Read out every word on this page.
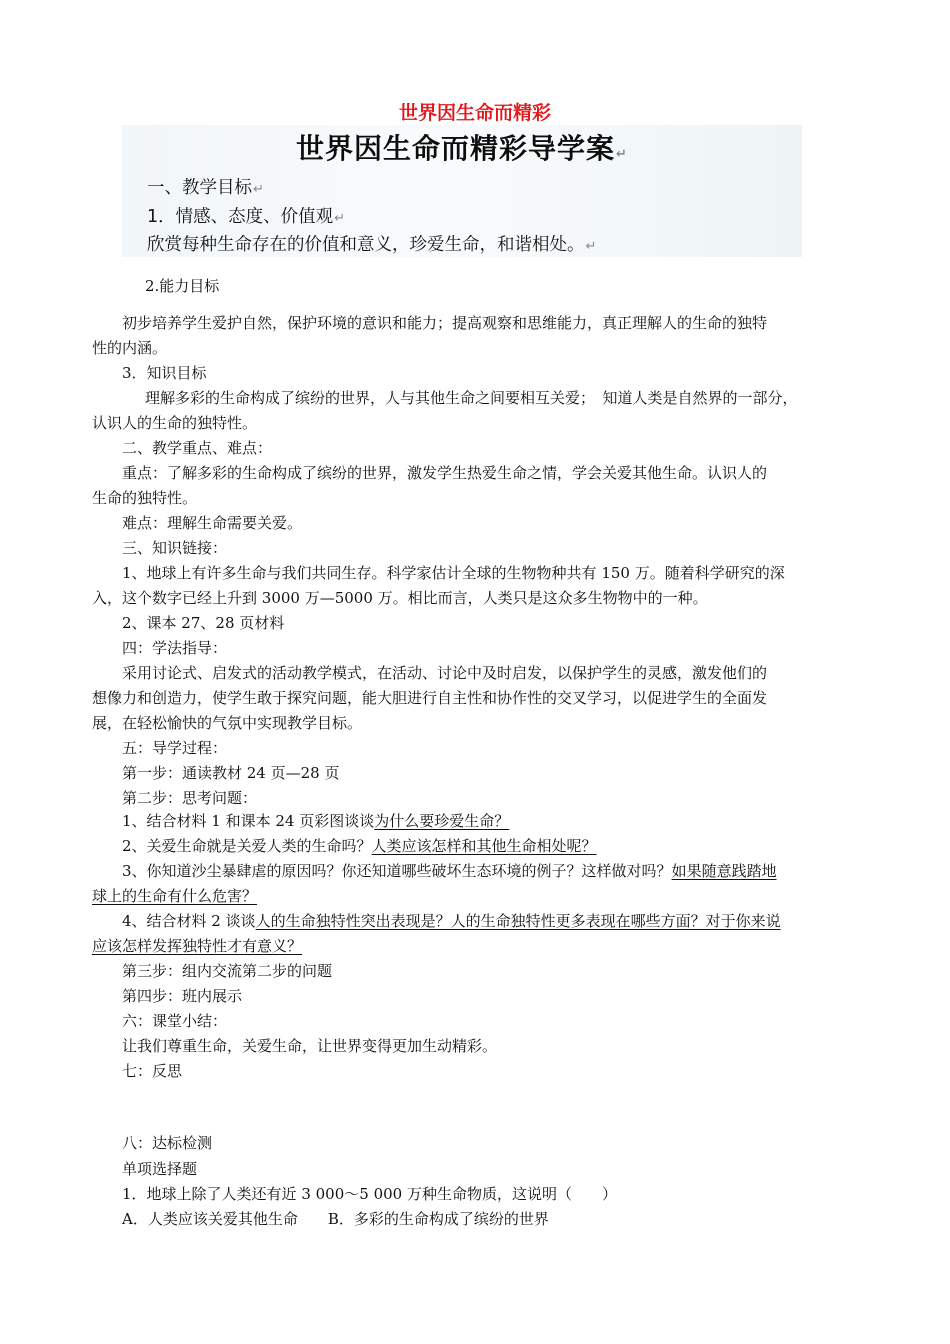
世界因生命而精彩
世界因生命而精彩导学案↵
一、教学目标↵
1．情感、态度、价值观↵
欣赏每种生命存在的价值和意义，珍爱生命，和谐相处。↵
2.能力目标
初步培养学生爱护自然，保护环境的意识和能力；提高观察和思维能力，真正理解人的生命的独特
性的内涵。
3．知识目标
理解多彩的生命构成了缤纷的世界，人与其他生命之间要相互关爱；　知道人类是自然界的一部分，
认识人的生命的独特性。
二、教学重点、难点：
重点：了解多彩的生命构成了缤纷的世界，激发学生热爱生命之情，学会关爱其他生命。认识人的
生命的独特性。
难点：理解生命需要关爱。
三、知识链接：
1、地球上有许多生命与我们共同生存。科学家估计全球的生物物种共有 150 万。随着科学研究的深
入，这个数字已经上升到 3000 万—5000 万。相比而言，人类只是这众多生物物中的一种。
2、课本 27、28 页材料
四：学法指导：
采用讨论式、启发式的活动教学模式，在活动、讨论中及时启发，以保护学生的灵感，激发他们的
想像力和创造力，使学生敢于探究问题，能大胆进行自主性和协作性的交叉学习，以促进学生的全面发
展，在轻松愉快的气氛中实现教学目标。
五：导学过程：
第一步：通读教材 24 页—28 页
第二步：思考问题：
1、结合材料 1 和课本 24 页彩图谈谈为什么要珍爱生命？
2、关爱生命就是关爱人类的生命吗？人类应该怎样和其他生命相处呢？
3、你知道沙尘暴肆虐的原因吗？你还知道哪些破坏生态环境的例子？这样做对吗？如果随意践踏地
球上的生命有什么危害？
4、结合材料 2 谈谈人的生命独特性突出表现是？人的生命独特性更多表现在哪些方面？对于你来说
应该怎样发挥独特性才有意义？
第三步：组内交流第二步的问题
第四步：班内展示
六：课堂小结：
让我们尊重生命，关爱生命，让世界变得更加生动精彩。
七：反思
八：达标检测
单项选择题
1．地球上除了人类还有近 3 000～5 000 万种生命物质，这说明（　　）
A．人类应该关爱其他生命　　B．多彩的生命构成了缤纷的世界
